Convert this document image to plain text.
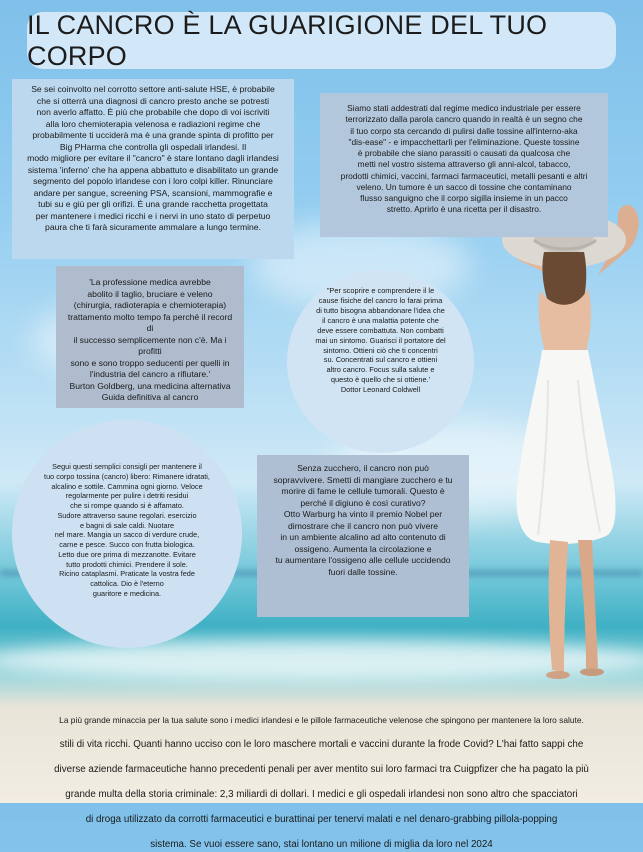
IL CANCRO È LA GUARIGIONE DEL TUO CORPO

Se sei coinvolto nel corrotto settore anti-salute HSE, è probabile

che si otterrà una diagnosi di cancro presto anche se potresti

non averlo affatto. È più che probabile che dopo di voi iscriviti

alla loro chemioterapia velenosa e radiazioni regime che

probabilmente ti ucciderà ma è una grande spinta di profitto per

Big PHarma che controlla gli ospedali irlandesi. Il

modo migliore per evitare il "cancro" è stare lontano dagli irlandesi

sistema 'inferno' che ha appena abbattuto e disabilitato un grande

segmento del popolo irlandese con i loro colpi killer. Rinunciare

andare per sangue, screening PSA, scansioni, mammografie e

tubi su e giù per gli orifizi. È una grande racchetta progettata

per mantenere i medici ricchi e i nervi in uno stato di perpetuo

paura che ti farà sicuramente ammalare a lungo termine.

Siamo stati addestrati dal regime medico industriale per essere

terrorizzato dalla parola cancro quando in realtà è un segno che

il tuo corpo sta cercando di pulirsi dalle tossine all'interno-aka

"dis-ease" - e impacchettarli per l'eliminazione. Queste tossine

è probabile che siano parassiti o causati da qualcosa che

metti nel vostro sistema attraverso gli anni-alcol, tabacco,

prodotti chimici, vaccini, farmaci farmaceutici, metalli pesanti e altri

veleno. Un tumore è un sacco di tossine che contaminano

flusso sanguigno che il corpo sigilla insieme in un pacco

stretto. Aprirlo è una ricetta per il disastro.

'La professione medica avrebbe

abolito il taglio, bruciare e veleno

(chirurgia, radioterapia e chemioterapia)

trattamento molto tempo fa perché il record di

il successo semplicemente non c'è. Ma i profitti

sono e sono troppo seducenti per quelli in

l'industria del cancro a rifiutare.'

Burton Goldberg, una medicina alternativa

Guida definitiva al cancro

"Per scoprire e comprendere il le

cause fisiche del cancro lo farai prima

di tutto bisogna abbandonare l'idea che

il cancro è una malattia potente che

deve essere combattuta. Non combatti

mai un sintomo. Guarisci il portatore del

sintomo. Ottieni ciò che ti concentri

su. Concentrati sul cancro e ottieni

altro cancro. Focus sulla salute e

questo è quello che si ottiene.'

Dottor Leonard Coldwell

Segui questi semplici consigli per mantenere il

tuo corpo tossina (cancro) libero: Rimanere idratati,

alcalino e sottile. Cammina ogni giorno. Veloce

regolarmente per pulire i detriti residui

che si rompe quando si è affamato.

Sudore attraverso saune regolari. esercizio

e bagni di sale caldi. Nuotare

nel mare. Mangia un sacco di verdure crude,

carne e pesce. Succo con frutta biologica.

Letto due ore prima di mezzanotte. Evitare

tutto prodotti chimici. Prendere il sole.

Ricino cataplasmi. Praticate la vostra fede

cattolica. Dio è l'eterno

guaritore e medicina.

Senza zucchero, il cancro non può

sopravvivere. Smetti di mangiare zucchero e tu

morire di fame le cellule tumorali. Questo è

perché il digiuno è così curativo?

Otto Warburg ha vinto il premio Nobel per

dimostrare che il cancro non può vivere

in un ambiente alcalino ad alto contenuto di

ossigeno. Aumenta la circolazione e

tu aumentare l'ossigeno alle cellule uccidendo

fuori dalle tossine.

La più grande minaccia per la tua salute sono i medici irlandesi e le pillole farmaceutiche velenose che spingono per mantenere la loro salute.

stili di vita ricchi. Quanti hanno ucciso con le loro maschere mortali e vaccini durante la frode Covid? L'hai fatto sappi che

diverse aziende farmaceutiche hanno precedenti penali per aver mentito sui loro farmaci tra Cuigpfizer che ha pagato la più

grande multa della storia criminale: 2,3 miliardi di dollari. I medici e gli ospedali irlandesi non sono altro che spacciatori

di droga utilizzato da corrotti farmaceutici e burattinai per tenervi malati e nel denaro-grabbing pillola-popping

sistema. Se vuoi essere sano, stai lontano un milione di miglia da loro nel 2024
